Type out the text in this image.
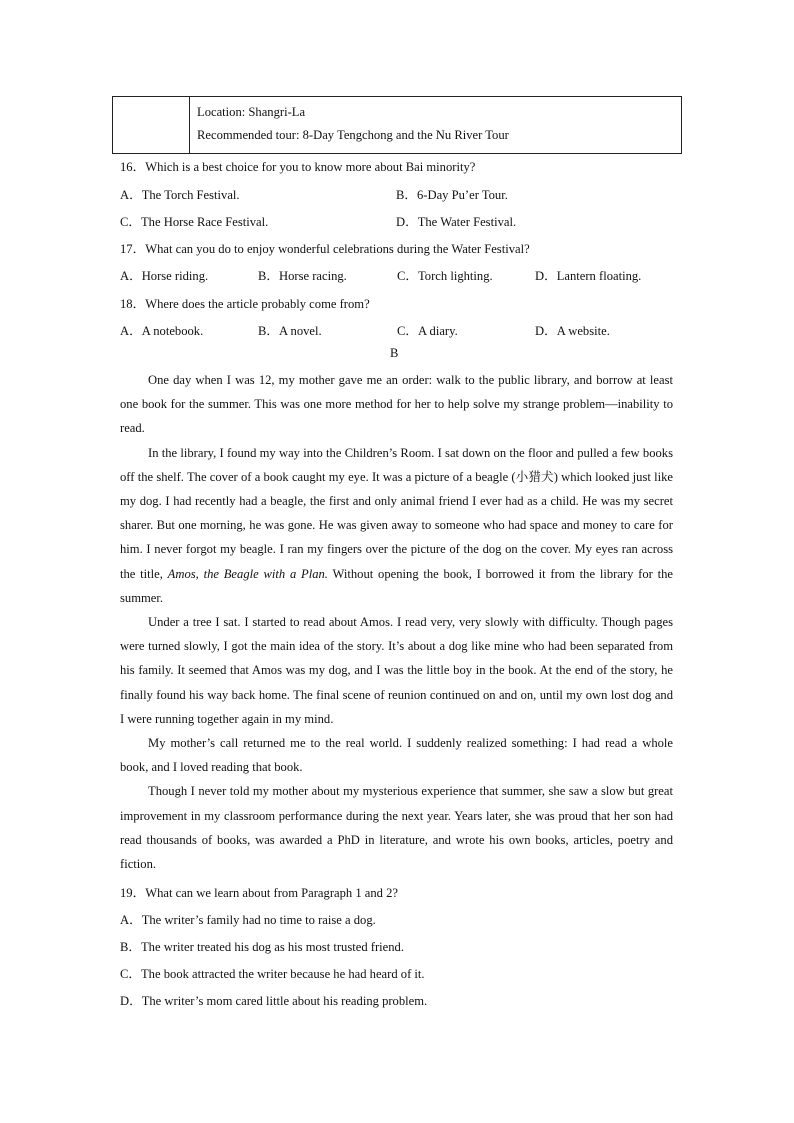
Location: Shangri-La
Recommended tour: 8-Day Tengchong and the Nu River Tour
16．Which is a best choice for you to know more about Bai minority?
A．The Torch Festival.	B．6-Day Pu’er Tour.
C．The Horse Race Festival.	D．The Water Festival.
17．What can you do to enjoy wonderful celebrations during the Water Festival?
A．Horse riding.	B．Horse racing.	C．Torch lighting.	D．Lantern floating.
18．Where does the article probably come from?
A．A notebook.	B．A novel.	C．A diary.	D．A website.
B

One day when I was 12, my mother gave me an order: walk to the public library, and borrow at least one book for the summer. This was one more method for her to help solve my strange problem—inability to read.

In the library, I found my way into the Children’s Room. I sat down on the floor and pulled a few books off the shelf. The cover of a book caught my eye. It was a picture of a beagle (小猎犬) which looked just like my dog. I had recently had a beagle, the first and only animal friend I ever had as a child. He was my secret sharer. But one morning, he was gone. He was given away to someone who had space and money to care for him. I never forgot my beagle. I ran my fingers over the picture of the dog on the cover. My eyes ran across the title, Amos, the Beagle with a Plan. Without opening the book, I borrowed it from the library for the summer.

Under a tree I sat. I started to read about Amos. I read very, very slowly with difficulty. Though pages were turned slowly, I got the main idea of the story. It’s about a dog like mine who had been separated from his family. It seemed that Amos was my dog, and I was the little boy in the book. At the end of the story, he finally found his way back home. The final scene of reunion continued on and on, until my own lost dog and I were running together again in my mind.

My mother’s call returned me to the real world. I suddenly realized something: I had read a whole book, and I loved reading that book.

Though I never told my mother about my mysterious experience that summer, she saw a slow but great improvement in my classroom performance during the next year. Years later, she was proud that her son had read thousands of books, was awarded a PhD in literature, and wrote his own books, articles, poetry and fiction.

19．What can we learn about from Paragraph 1 and 2?
A．The writer’s family had no time to raise a dog.
B．The writer treated his dog as his most trusted friend.
C．The book attracted the writer because he had heard of it.
D．The writer’s mom cared little about his reading problem.
